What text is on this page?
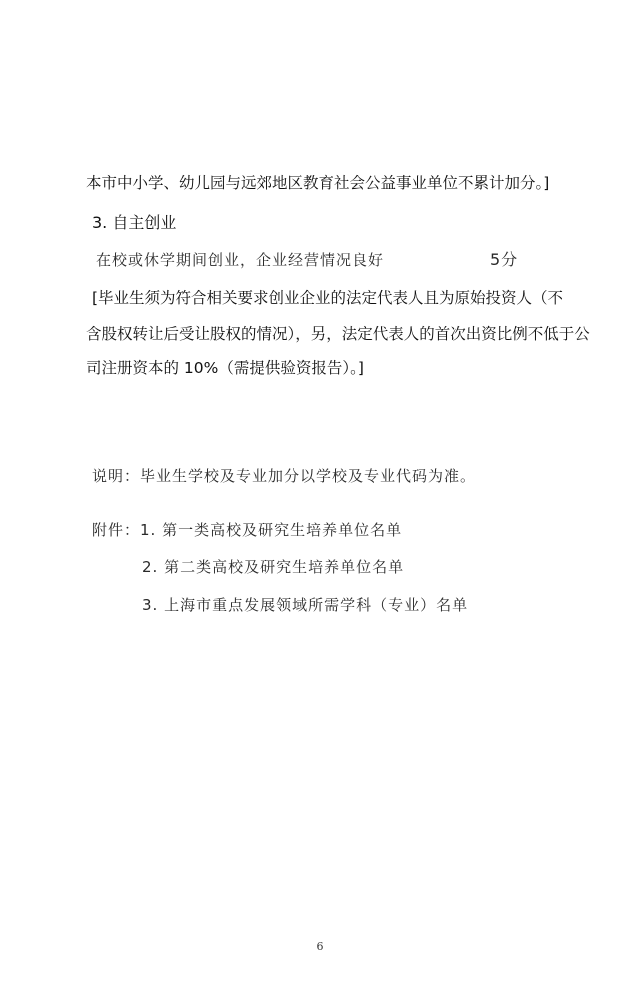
本市中小学、幼儿园与远郊地区教育社会公益事业单位不累计加分。]
3. 自主创业
在校或休学期间创业，企业经营情况良好	5分
[毕业生须为符合相关要求创业企业的法定代表人且为原始投资人（不
含股权转让后受让股权的情况），另，法定代表人的首次出资比例不低于公
司注册资本的 10%（需提供验资报告）。]
说明：毕业生学校及专业加分以学校及专业代码为准。
附件：1. 第一类高校及研究生培养单位名单
2. 第二类高校及研究生培养单位名单
3. 上海市重点发展领域所需学科（专业）名单
6
